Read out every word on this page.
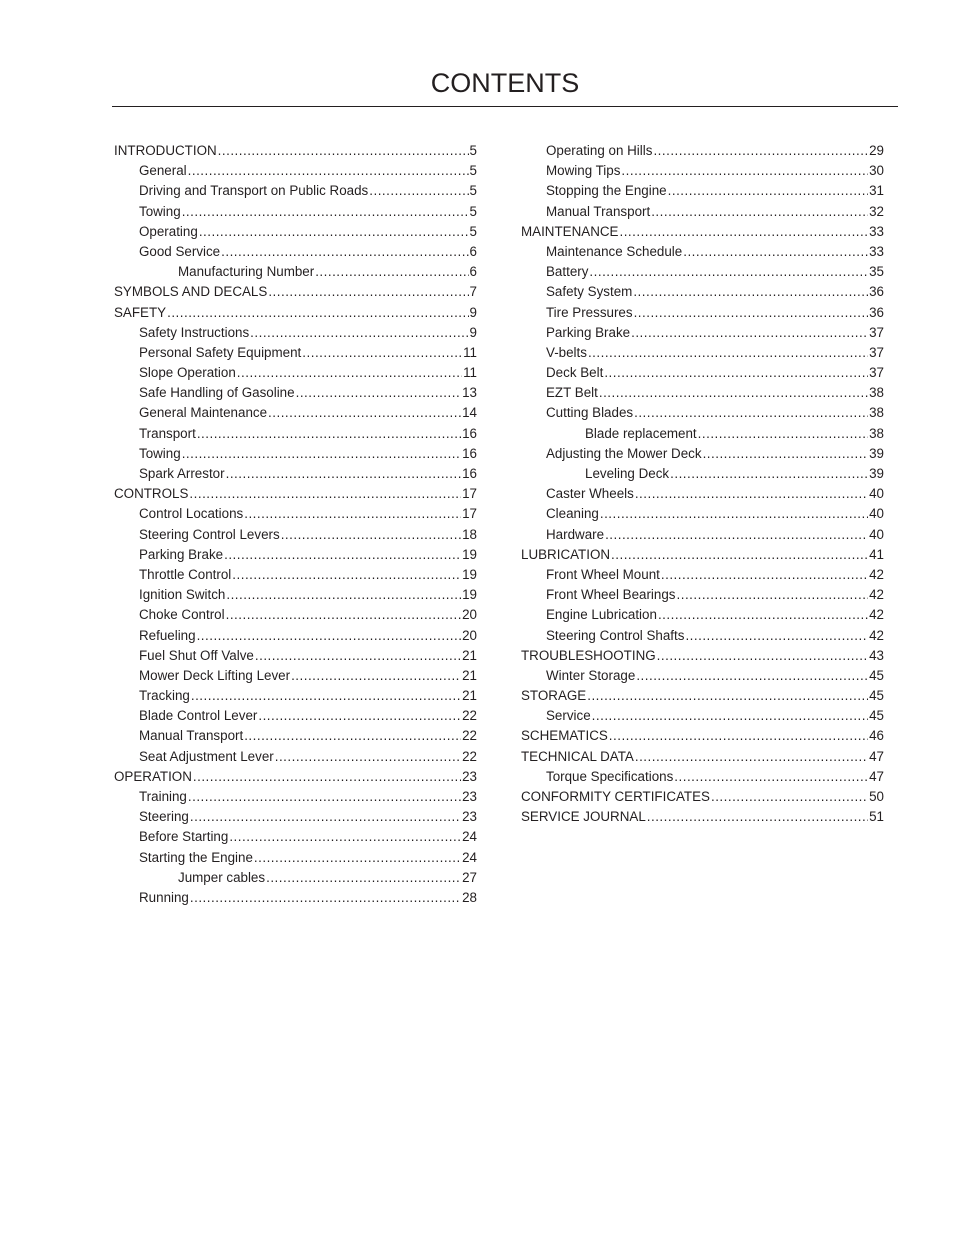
CONTENTS
INTRODUCTION .....	5
General .....	5
Driving and Transport on Public Roads .....	5
Towing .....	5
Operating .....	5
Good Service .....	6
Manufacturing Number .....	6
SYMBOLS AND DECALS .....	7
SAFETY .....	9
Safety Instructions .....	9
Personal Safety Equipment .....	11
Slope Operation .....	11
Safe Handling of Gasoline .....	13
General Maintenance .....	14
Transport .....	16
Towing .....	16
Spark Arrestor .....	16
CONTROLS .....	17
Control Locations .....	17
Steering Control Levers .....	18
Parking Brake .....	19
Throttle Control .....	19
Ignition Switch .....	19
Choke Control .....	20
Refueling .....	20
Fuel Shut Off Valve .....	21
Mower Deck Lifting Lever .....	21
Tracking .....	21
Blade Control Lever .....	22
Manual Transport .....	22
Seat Adjustment Lever .....	22
OPERATION .....	23
Training .....	23
Steering .....	23
Before Starting .....	24
Starting the Engine .....	24
Jumper cables .....	27
Running .....	28
Operating on Hills .....	29
Mowing Tips .....	30
Stopping the Engine .....	31
Manual Transport .....	32
MAINTENANCE .....	33
Maintenance Schedule .....	33
Battery .....	35
Safety System .....	36
Tire Pressures .....	36
Parking Brake .....	37
V-belts .....	37
Deck Belt .....	37
EZT Belt .....	38
Cutting Blades .....	38
Blade replacement .....	38
Adjusting the Mower Deck .....	39
Leveling Deck .....	39
Caster Wheels .....	40
Cleaning .....	40
Hardware .....	40
LUBRICATION .....	41
Front Wheel Mount .....	42
Front Wheel Bearings .....	42
Engine Lubrication .....	42
Steering Control Shafts .....	42
TROUBLESHOOTING .....	43
Winter Storage .....	45
STORAGE .....	45
Service .....	45
SCHEMATICS .....	46
TECHNICAL DATA .....	47
Torque Specifications .....	47
CONFORMITY CERTIFICATES .....	50
SERVICE JOURNAL .....	51
